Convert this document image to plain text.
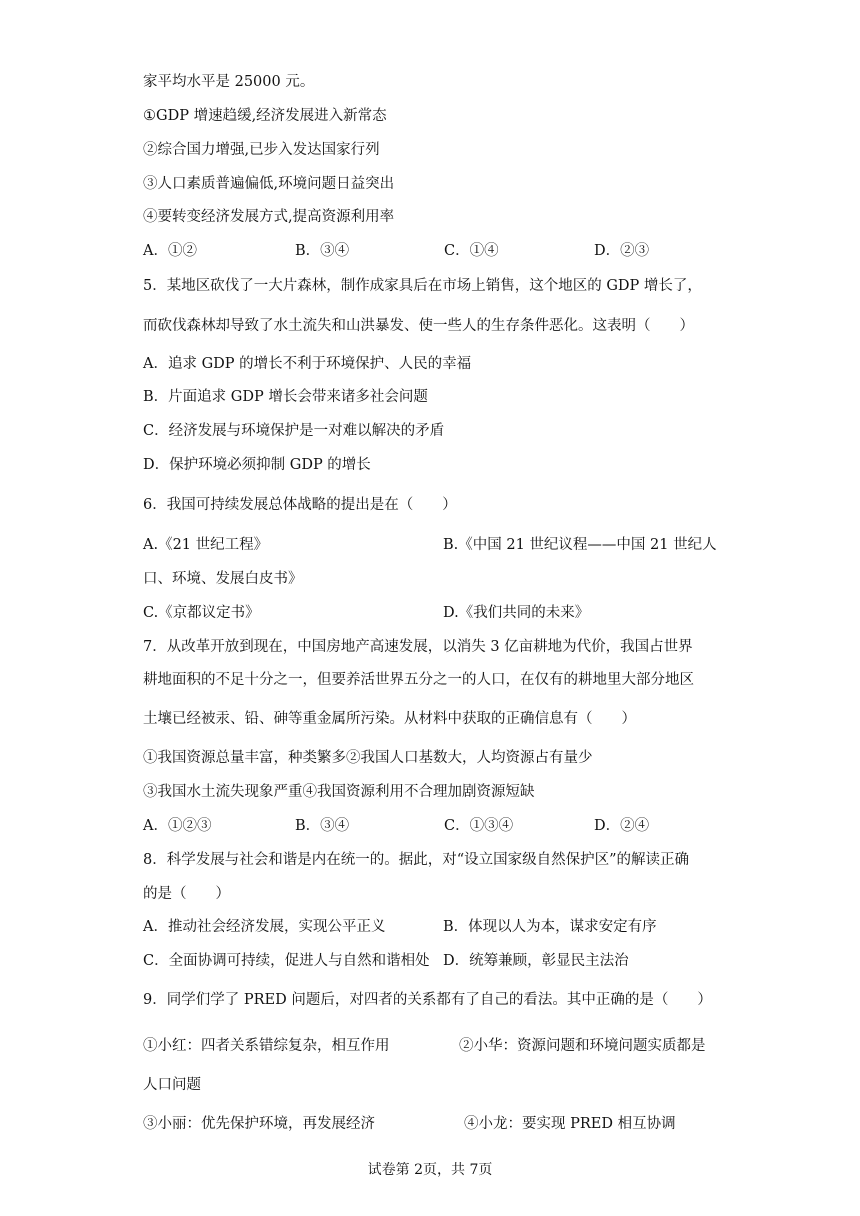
家平均水平是 25000 元。
①GDP 增速趋缓,经济发展进入新常态
②综合国力增强,已步入发达国家行列
③人口素质普遍偏低,环境问题日益突出
④要转变经济发展方式,提高资源利用率
A．①②	B．③④	C．①④	D．②③
5．某地区砍伐了一大片森林，制作成家具后在市场上销售，这个地区的 GDP 增长了，
而砍伐森林却导致了水土流失和山洪暴发、使一些人的生存条件恶化。这表明（　　）
A．追求 GDP 的增长不利于环境保护、人民的幸福
B．片面追求 GDP 增长会带来诸多社会问题
C．经济发展与环境保护是一对难以解决的矛盾
D．保护环境必须抑制 GDP 的增长
6．我国可持续发展总体战略的提出是在（　　）
A.《21 世纪工程》	B.《中国 21 世纪议程——中国 21 世纪人
口、环境、发展白皮书》
C.《京都议定书》	D.《我们共同的未来》
7．从改革开放到现在，中国房地产高速发展，以消失 3 亿亩耕地为代价，我国占世界
耕地面积的不足十分之一，但要养活世界五分之一的人口，在仅有的耕地里大部分地区
土壤已经被汞、铅、砷等重金属所污染。从材料中获取的正确信息有（　　）
①我国资源总量丰富，种类繁多②我国人口基数大，人均资源占有量少
③我国水土流失现象严重④我国资源利用不合理加剧资源短缺
A．①②③	B．③④	C．①③④	D．②④
8．科学发展与社会和谐是内在统一的。据此，对“设立国家级自然保护区”的解读正确
的是（　　）
A．推动社会经济发展，实现公平正义	B．体现以人为本，谋求安定有序
C．全面协调可持续，促进人与自然和谐相处 D．统筹兼顾，彰显民主法治
9．同学们学了 PRED 问题后，对四者的关系都有了自己的看法。其中正确的是（　　）
①小红：四者关系错综复杂，相互作用	②小华：资源问题和环境问题实质都是
人口问题
③小丽：优先保护环境，再发展经济	④小龙：要实现 PRED 相互协调
试卷第 2页，共 7页
